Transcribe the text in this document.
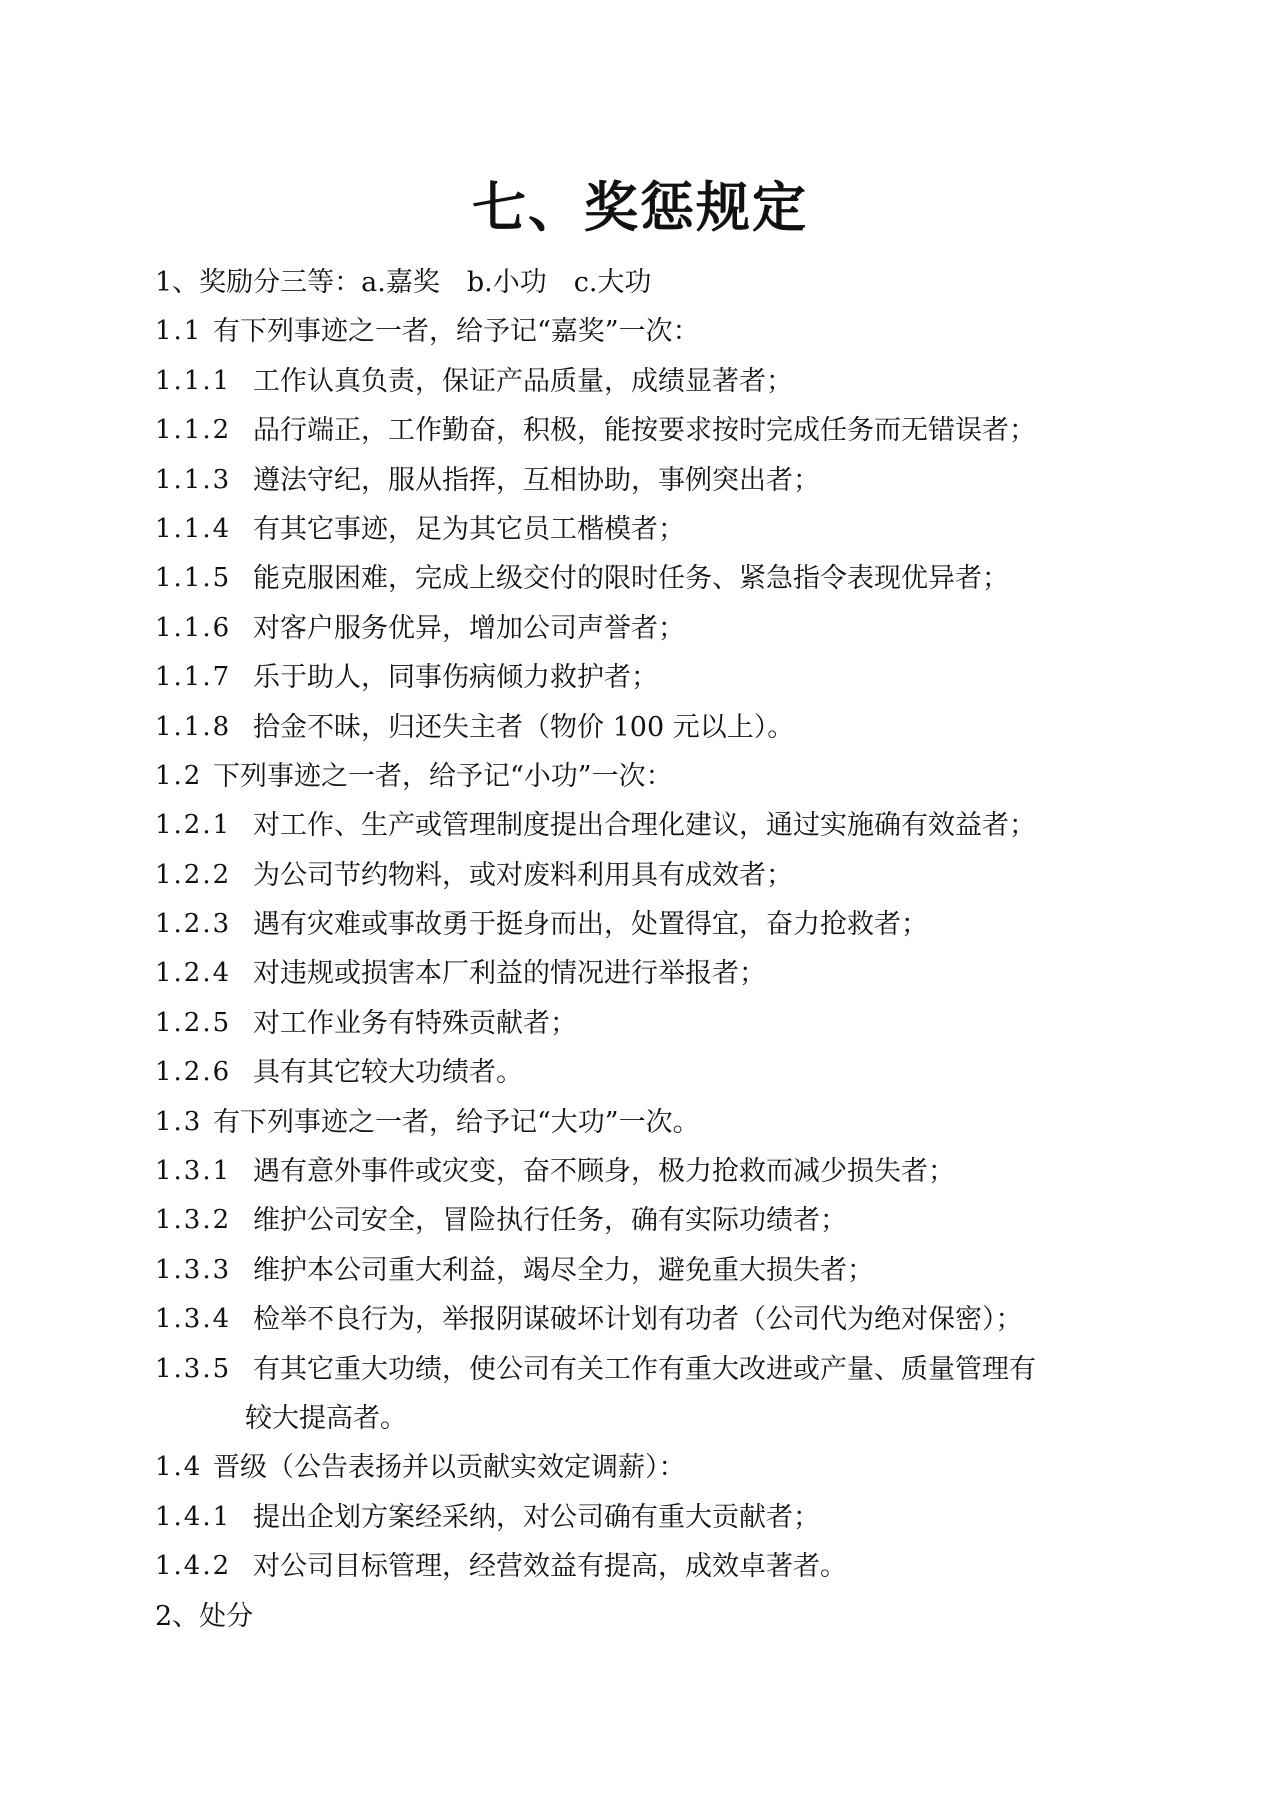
七、奖惩规定
1、奖励分三等：a.嘉奖　b.小功　c.大功
1.1 有下列事迹之一者，给予记“嘉奖”一次：
1.1.1 工作认真负责，保证产品质量，成绩显著者；
1.1.2 品行端正，工作勤奋，积极，能按要求按时完成任务而无错误者；
1.1.3 遵法守纪，服从指挥，互相协助，事例突出者；
1.1.4 有其它事迹，足为其它员工楷模者；
1.1.5 能克服困难，完成上级交付的限时任务、紧急指令表现优异者；
1.1.6 对客户服务优异，增加公司声誉者；
1.1.7 乐于助人，同事伤病倾力救护者；
1.1.8 拾金不昧，归还失主者（物价 100 元以上）。
1.2 下列事迹之一者，给予记“小功”一次：
1.2.1 对工作、生产或管理制度提出合理化建议，通过实施确有效益者；
1.2.2 为公司节约物料，或对废料利用具有成效者；
1.2.3 遇有灾难或事故勇于挺身而出，处置得宜，奋力抢救者；
1.2.4 对违规或损害本厂利益的情况进行举报者；
1.2.5 对工作业务有特殊贡献者；
1.2.6 具有其它较大功绩者。
1.3 有下列事迹之一者，给予记“大功”一次。
1.3.1 遇有意外事件或灾变，奋不顾身，极力抢救而减少损失者；
1.3.2 维护公司安全，冒险执行任务，确有实际功绩者；
1.3.3 维护本公司重大利益，竭尽全力，避免重大损失者；
1.3.4 检举不良行为，举报阴谋破坏计划有功者（公司代为绝对保密）；
1.3.5 有其它重大功绩，使公司有关工作有重大改进或产量、质量管理有
较大提高者。
1.4 晋级（公告表扬并以贡献实效定调薪）：
1.4.1 提出企划方案经采纳，对公司确有重大贡献者；
1.4.2 对公司目标管理，经营效益有提高，成效卓著者。
2、处分
